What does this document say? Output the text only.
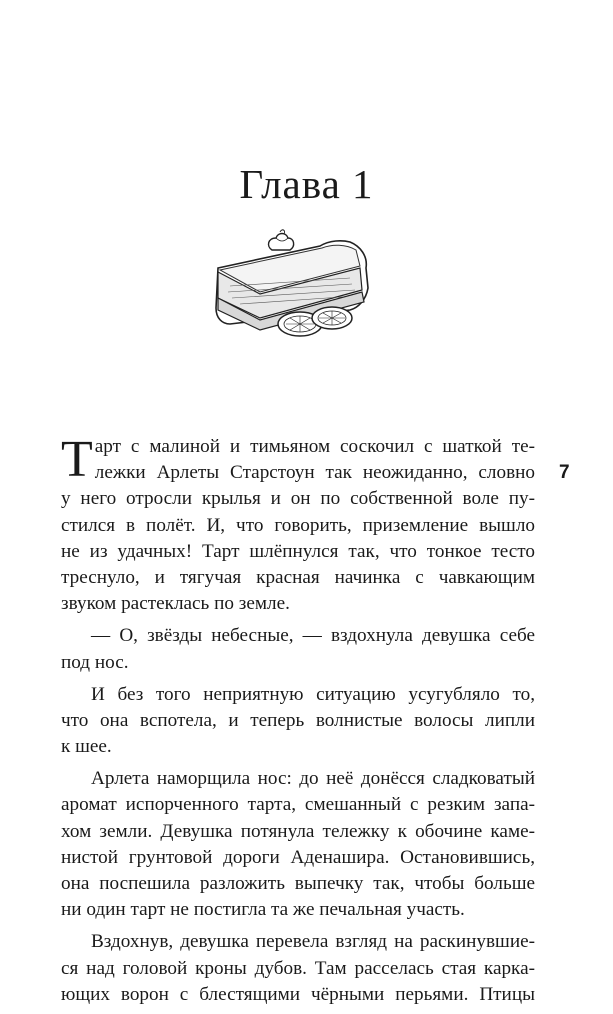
Глава 1
7
Т арт с малиной и тимьяном соскочил с шаткой те-
лежки Арлеты Старстоун так неожиданно, словно
у него отросли крылья и он по собственной воле пу-
стился в полёт. И, что говорить, приземление вышло
не из удачных! Тарт шлёпнулся так, что тонкое тесто
треснуло, и тягучая красная начинка с чавкающим
звуком растеклась по земле.
— О, звёзды небесные, — вздохнула девушка себе
под нос.
И без того неприятную ситуацию усугубляло то,
что она вспотела, и теперь волнистые волосы липли
к шее.
Арлета наморщила нос: до неё донёсся сладковатый
аромат испорченного тарта, смешанный с резким запа-
хом земли. Девушка потянула тележку к обочине каме-
нистой грунтовой дороги Аденашира. Остановившись,
она поспешила разложить выпечку так, чтобы больше
ни один тарт не постигла та же печальная участь.
Вздохнув, девушка перевела взгляд на раскинувшие-
ся над головой кроны дубов. Там расселась стая карка-
ющих ворон с блестящими чёрными перьями. Птицы
